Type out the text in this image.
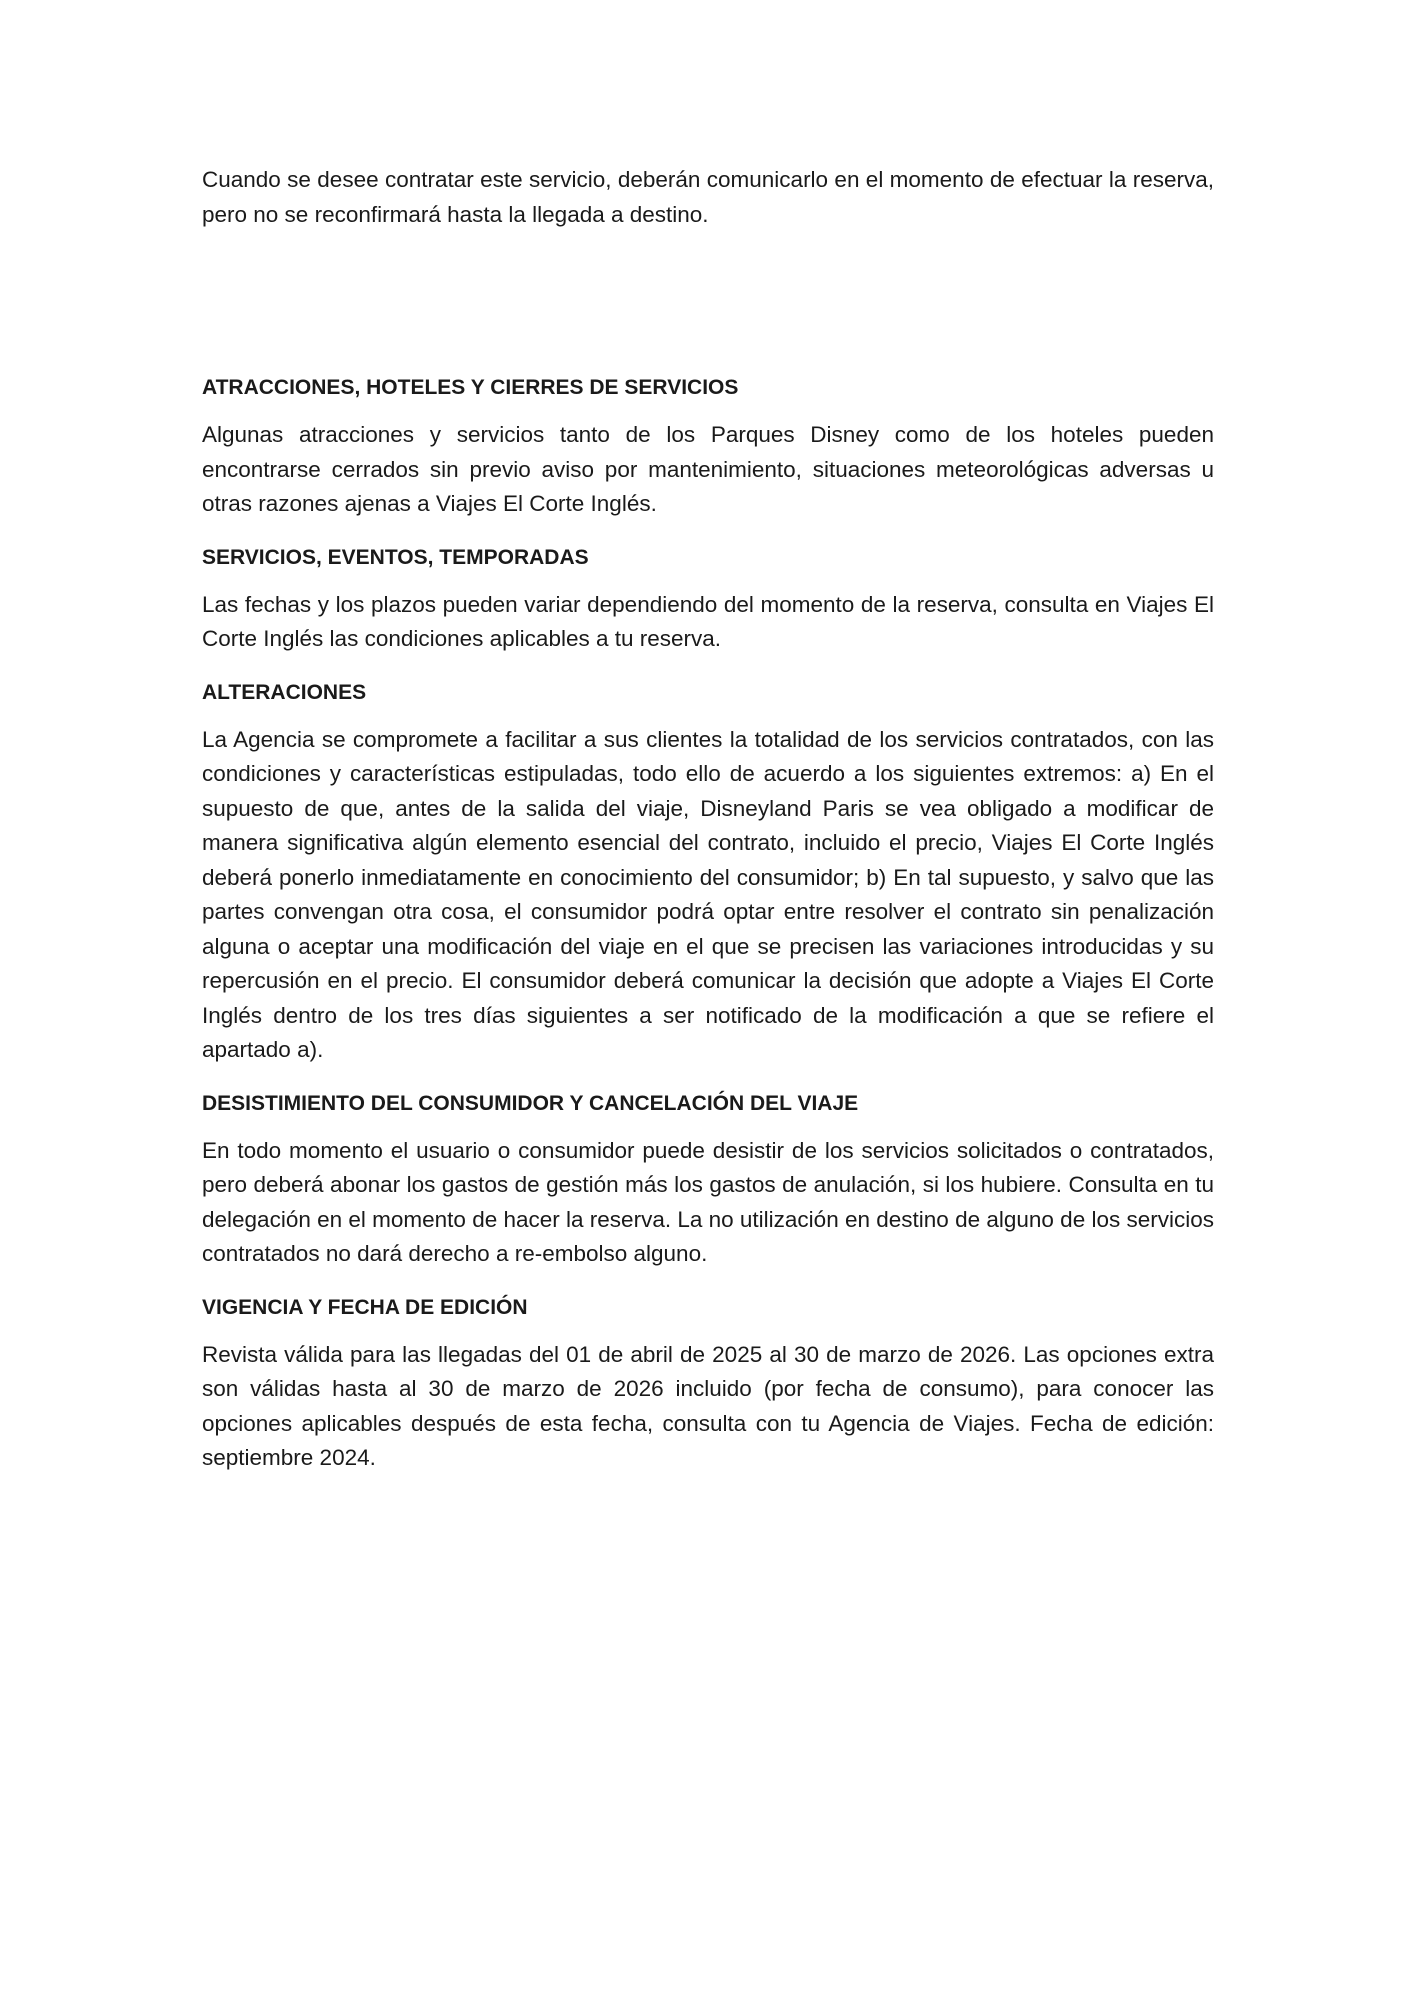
Cuando se desee contratar este servicio, deberán comunicarlo en el momento de efectuar la reserva, pero no se reconfirmará hasta la llegada a destino.

ATRACCIONES, HOTELES Y CIERRES DE SERVICIOS

Algunas atracciones y servicios tanto de los Parques Disney como de los hoteles pueden encontrarse cerrados sin previo aviso por mantenimiento, situaciones meteorológicas adversas u otras razones ajenas a Viajes El Corte Inglés.

SERVICIOS, EVENTOS, TEMPORADAS

Las fechas y los plazos pueden variar dependiendo del momento de la reserva, consulta en Viajes El Corte Inglés las condiciones aplicables a tu reserva.

ALTERACIONES

La Agencia se compromete a facilitar a sus clientes la totalidad de los servicios contratados, con las condiciones y características estipuladas, todo ello de acuerdo a los siguientes extremos: a) En el supuesto de que, antes de la salida del viaje, Disneyland Paris se vea obligado a modificar de manera significativa algún elemento esencial del contrato, incluido el precio, Viajes El Corte Inglés deberá ponerlo inmediatamente en conocimiento del consumidor; b) En tal supuesto, y salvo que las partes convengan otra cosa, el consumidor podrá optar entre resolver el contrato sin penalización alguna o aceptar una modificación del viaje en el que se precisen las variaciones introducidas y su repercusión en el precio. El consumidor deberá comunicar la decisión que adopte a Viajes El Corte Inglés dentro de los tres días siguientes a ser notificado de la modificación a que se refiere el apartado a).

DESISTIMIENTO DEL CONSUMIDOR Y CANCELACIÓN DEL VIAJE

En todo momento el usuario o consumidor puede desistir de los servicios solicitados o contratados, pero deberá abonar los gastos de gestión más los gastos de anulación, si los hubiere. Consulta en tu delegación en el momento de hacer la reserva. La no utilización en destino de alguno de los servicios contratados no dará derecho a re-embolso alguno.

VIGENCIA Y FECHA DE EDICIÓN

Revista válida para las llegadas del 01 de abril de 2025 al 30 de marzo de 2026. Las opciones extra son válidas hasta al 30 de marzo de 2026 incluido (por fecha de consumo), para conocer las opciones aplicables después de esta fecha, consulta con tu Agencia de Viajes. Fecha de edición: septiembre 2024.
